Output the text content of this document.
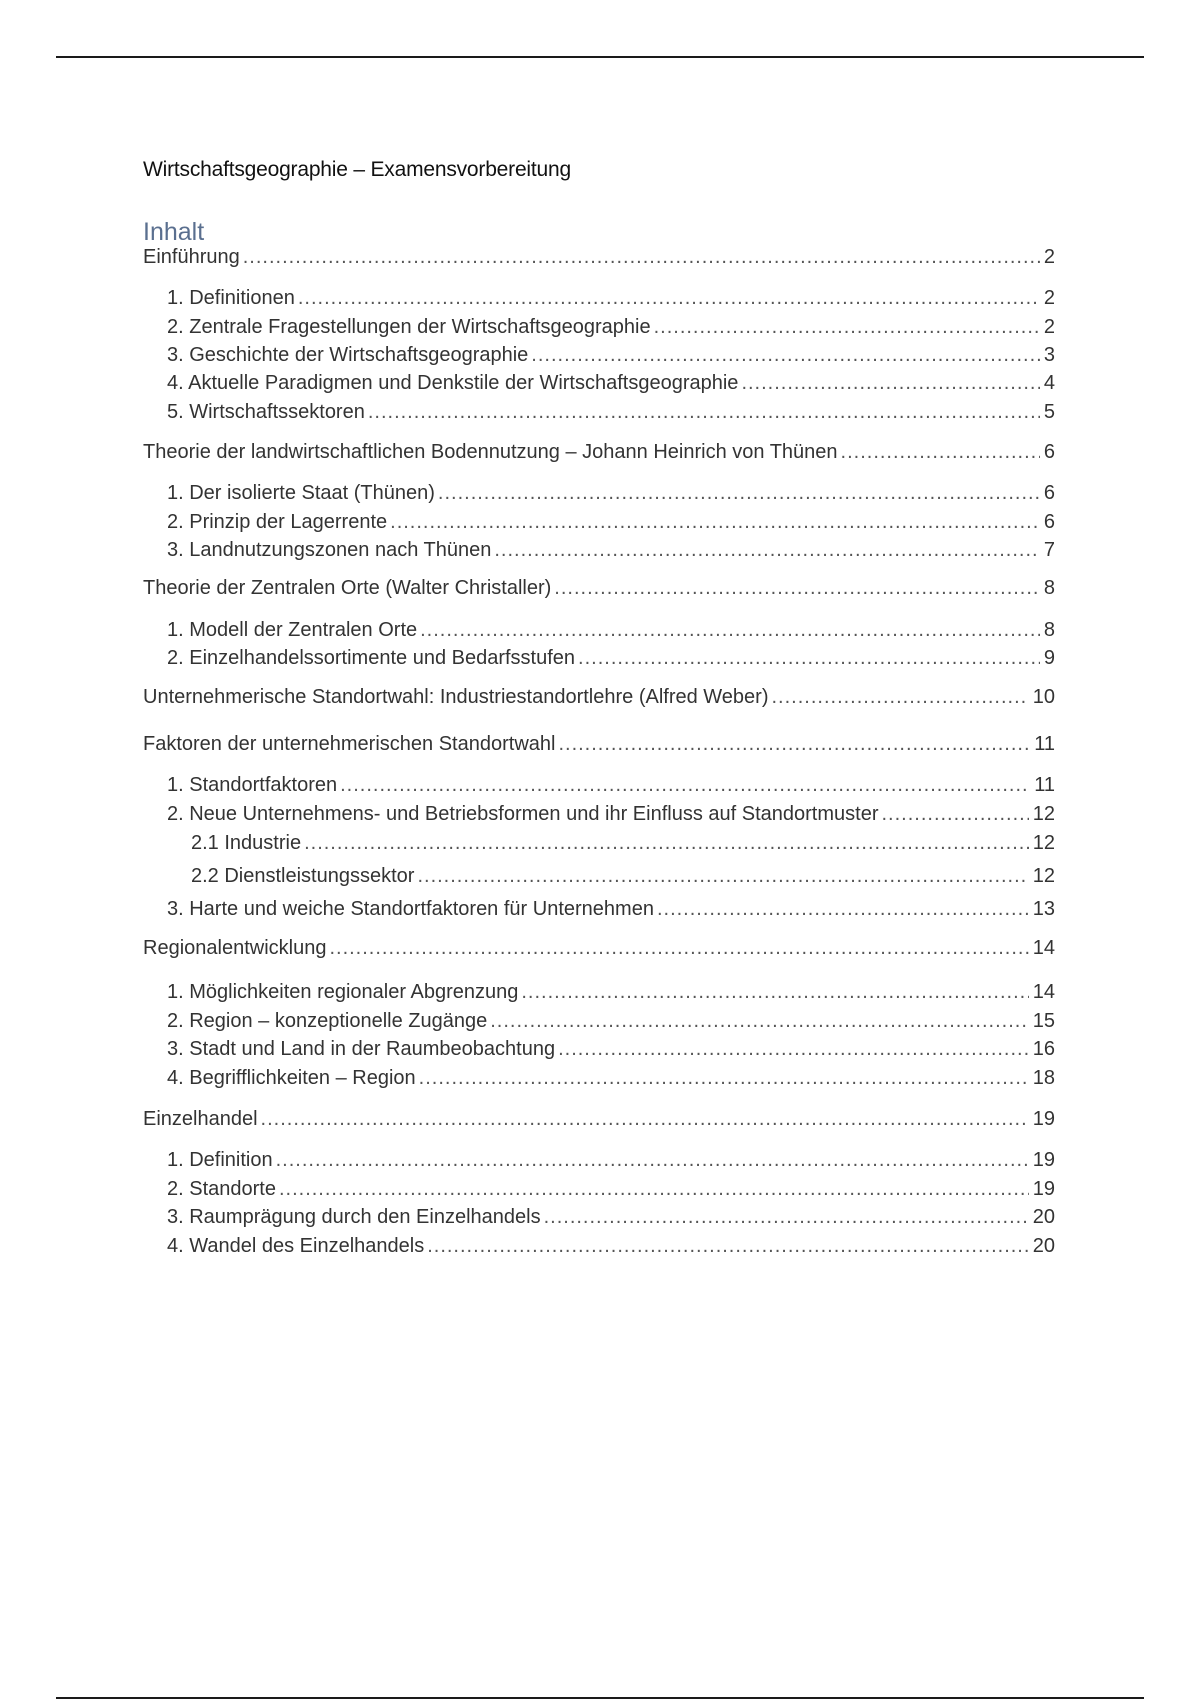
Wirtschaftsgeographie – Examensvorbereitung
Inhalt
Einführung .....	2
1. Definitionen .....	2
2. Zentrale Fragestellungen der Wirtschaftsgeographie .....	2
3. Geschichte der Wirtschaftsgeographie .....	3
4. Aktuelle Paradigmen und Denkstile der Wirtschaftsgeographie .....	4
5. Wirtschaftssektoren .....	5
Theorie der landwirtschaftlichen Bodennutzung – Johann Heinrich von Thünen .....	6
1. Der isolierte Staat (Thünen) .....	6
2. Prinzip der Lagerrente .....	6
3. Landnutzungszonen nach Thünen .....	7
Theorie der Zentralen Orte (Walter Christaller) .....	8
1. Modell der Zentralen Orte .....	8
2. Einzelhandelssortimente und Bedarfsstufen .....	9
Unternehmerische Standortwahl: Industriestandortlehre (Alfred Weber) .....	10
Faktoren der unternehmerischen Standortwahl .....	11
1. Standortfaktoren .....	11
2. Neue Unternehmens- und Betriebsformen und ihr Einfluss auf Standortmuster .....	12
2.1 Industrie .....	12
2.2 Dienstleistungssektor .....	12
3. Harte und weiche Standortfaktoren für Unternehmen .....	13
Regionalentwicklung .....	14
1. Möglichkeiten regionaler Abgrenzung .....	14
2. Region – konzeptionelle Zugänge .....	15
3. Stadt und Land in der Raumbeobachtung .....	16
4. Begrifflichkeiten – Region .....	18
Einzelhandel .....	19
1. Definition .....	19
2. Standorte .....	19
3. Raumprägung durch den Einzelhandels .....	20
4. Wandel des Einzelhandels .....	20
